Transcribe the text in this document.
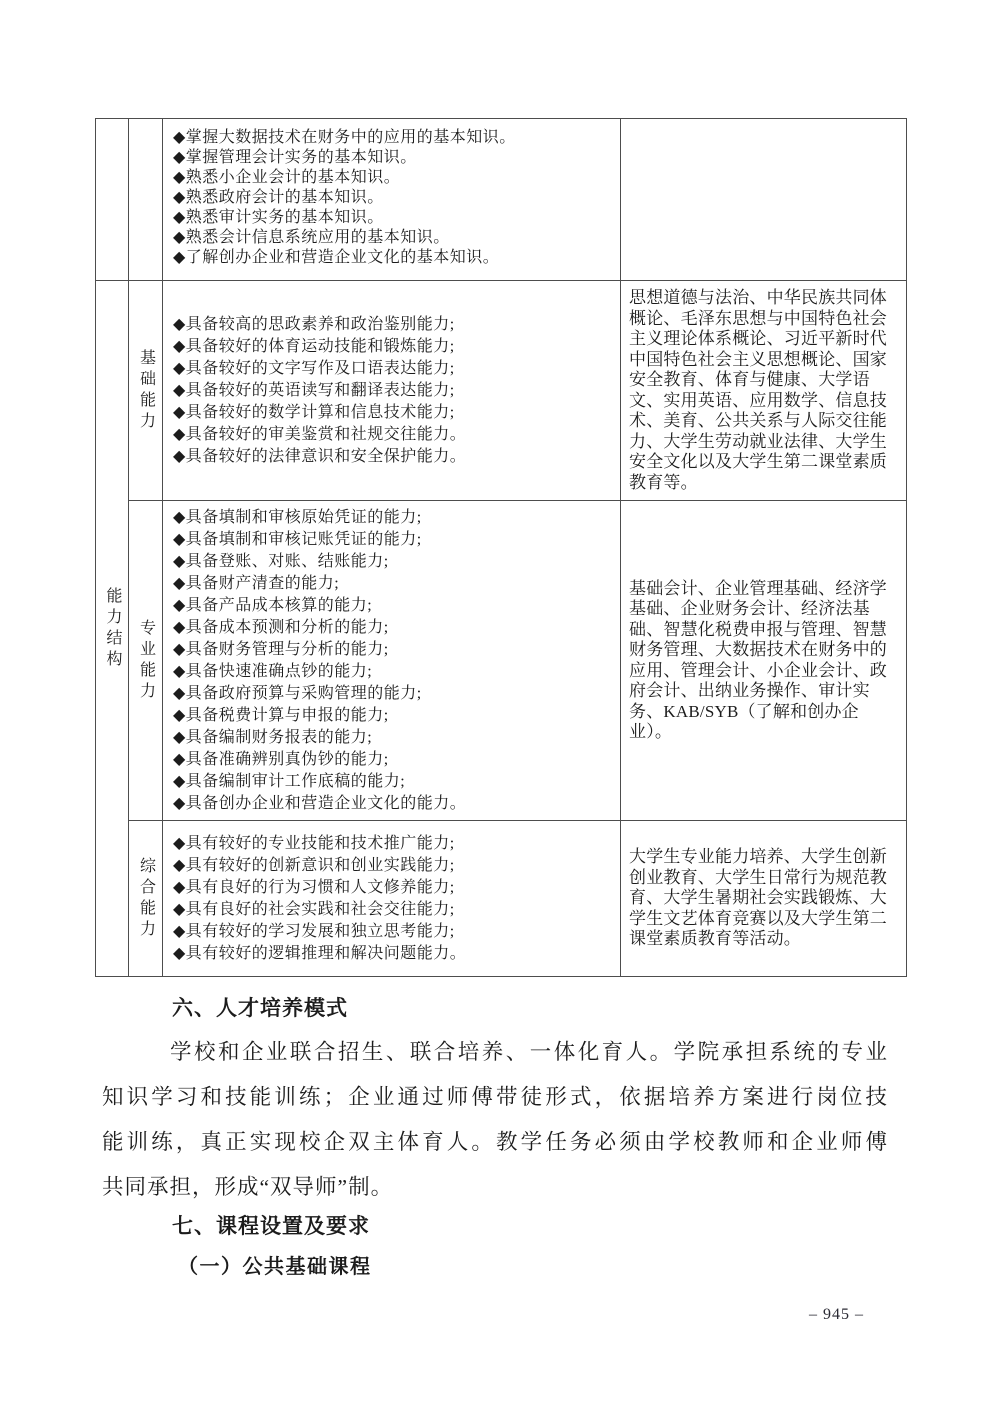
◆掌握大数据技术在财务中的应用的基本知识。
◆掌握管理会计实务的基本知识。
◆熟悉小企业会计的基本知识。
◆熟悉政府会计的基本知识。
◆熟悉审计实务的基本知识。
◆熟悉会计信息系统应用的基本知识。
◆了解创办企业和营造企业文化的基本知识。
能力结构
基础能力
◆具备较高的思政素养和政治鉴别能力;
◆具备较好的体育运动技能和锻炼能力;
◆具备较好的文字写作及口语表达能力;
◆具备较好的英语读写和翻译表达能力;
◆具备较好的数学计算和信息技术能力;
◆具备较好的审美鉴赏和社规交往能力。
◆具备较好的法律意识和安全保护能力。
思想道德与法治、中华民族共同体概论、毛泽东思想与中国特色社会主义理论体系概论、习近平新时代中国特色社会主义思想概论、国家安全教育、体育与健康、大学语文、实用英语、应用数学、信息技术、美育、公共关系与人际交往能力、大学生劳动就业法律、大学生安全文化以及大学生第二课堂素质教育等。
专业能力
◆具备填制和审核原始凭证的能力;
◆具备填制和审核记账凭证的能力;
◆具备登账、对账、结账能力;
◆具备财产清查的能力;
◆具备产品成本核算的能力;
◆具备成本预测和分析的能力;
◆具备财务管理与分析的能力;
◆具备快速准确点钞的能力;
◆具备政府预算与采购管理的能力;
◆具备税费计算与申报的能力;
◆具备编制财务报表的能力;
◆具备准确辨别真伪钞的能力;
◆具备编制审计工作底稿的能力;
◆具备创办企业和营造企业文化的能力。
基础会计、企业管理基础、经济学基础、企业财务会计、经济法基础、智慧化税费申报与管理、智慧财务管理、大数据技术在财务中的应用、管理会计、小企业会计、政府会计、出纳业务操作、审计实务、KAB/SYB（了解和创办企业）。
综合能力
◆具有较好的专业技能和技术推广能力;
◆具有较好的创新意识和创业实践能力;
◆具有良好的行为习惯和人文修养能力;
◆具有良好的社会实践和社会交往能力;
◆具有较好的学习发展和独立思考能力;
◆具有较好的逻辑推理和解决问题能力。
大学生专业能力培养、大学生创新创业教育、大学生日常行为规范教育、大学生暑期社会实践锻炼、大学生文艺体育竞赛以及大学生第二课堂素质教育等活动。
六、人才培养模式
学校和企业联合招生、联合培养、一体化育人。学院承担系统的专业
知识学习和技能训练；企业通过师傅带徒形式，依据培养方案进行岗位技
能训练，真正实现校企双主体育人。教学任务必须由学校教师和企业师傅
共同承担，形成“双导师”制。
七、课程设置及要求
（一）公共基础课程
– 945 –
